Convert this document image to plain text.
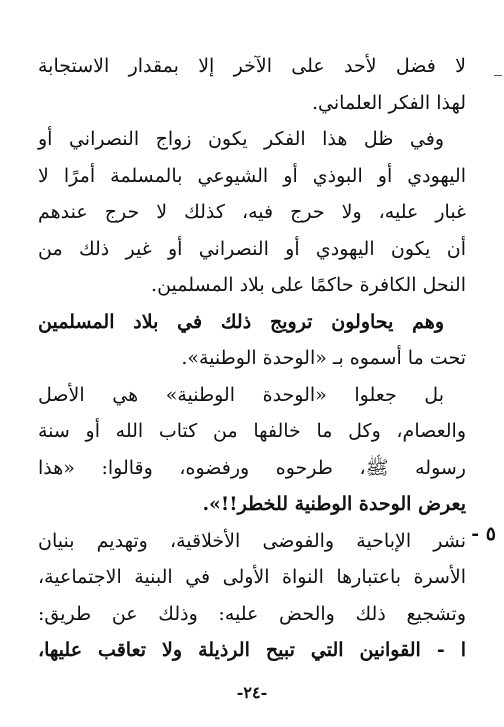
لا فضل لأحد على الآخر إلا بمقدار الاستجابة
لهذا الفكر العلماني.
وفي ظل هذا الفكر يكون زواج النصراني أو
اليهودي أو البوذي أو الشيوعي بالمسلمة أمرًا لا
غبار عليه، ولا حرج فيه، كذلك لا حرج عندهم
أن يكون اليهودي أو النصراني أو غير ذلك من
النحل الكافرة حاكمًا على بلاد المسلمين.
وهم يحاولون ترويج ذلك في بلاد المسلمين
تحت ما أسموه بـ «الوحدة الوطنية».
بل جعلوا «الوحدة الوطنية» هي الأصل
والعصام، وكل ما خالفها من كتاب الله أو سنة
رسوله ﷺ، طرحوه ورفضوه، وقالوا: «هذا
يعرض الوحدة الوطنية للخطر!!».
٥ -
نشر الإباحية والفوضى الأخلاقية، وتهديم بنيان
الأسرة باعتبارها النواة الأولى في البنية الاجتماعية،
وتشجيع ذلك والحض عليه: وذلك عن طريق:
ا - القوانين التي تبيح الرذيلة ولا تعاقب عليها،
-٢٤-
